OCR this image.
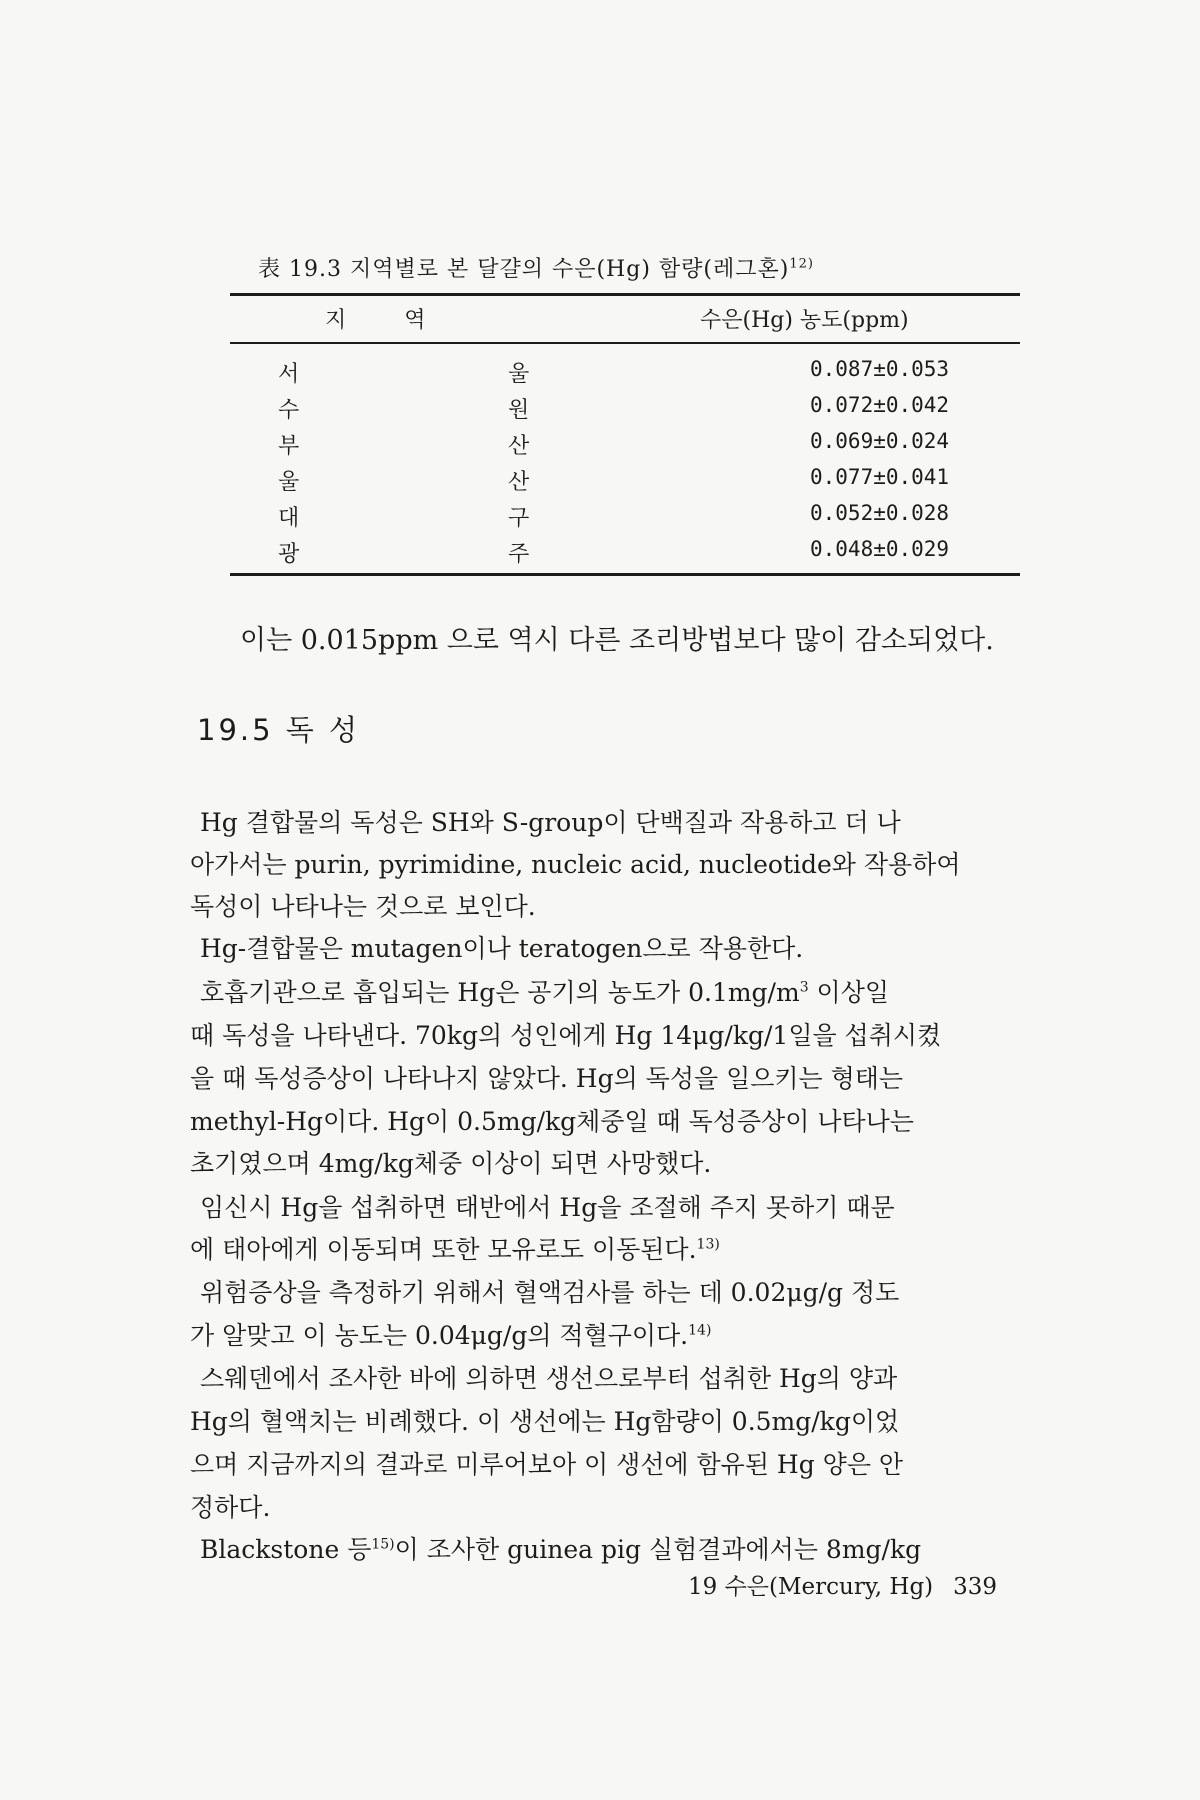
表 19.3 지역별로 본 달걀의 수은(Hg) 함량(레그혼)$^{12)}$
지역	수은(Hg) 농도(ppm)
서	울	0.087±0.053
수	원	0.072±0.042
부	산	0.069±0.024
울	산	0.077±0.041
대	구	0.052±0.028
광	주	0.048±0.029
이는 0.015ppm 으로 역시 다른 조리방법보다 많이 감소되었다.
19.5 독 성
Hg 결합물의 독성은 SH와 S-group이 단백질과 작용하고 더 나
아가서는 purin, pyrimidine, nucleic acid, nucleotide와 작용하여
독성이 나타나는 것으로 보인다.
Hg-결합물은 mutagen이나 teratogen으로 작용한다.
호흡기관으로 흡입되는 Hg은 공기의 농도가 $0.1mg/m^3$ 이상일
때 독성을 나타낸다. 70kg의 성인에게 Hg 14μg/kg/1일을 섭취시켰
을 때 독성증상이 나타나지 않았다. Hg의 독성을 일으키는 형태는
methyl-Hg이다. Hg이 0.5mg/kg체중일 때 독성증상이 나타나는
초기였으며 4mg/kg체중 이상이 되면 사망했다.
임신시 Hg을 섭취하면 태반에서 Hg을 조절해 주지 못하기 때문
에 태아에게 이동되며 또한 모유로도 이동된다.$^{13)}$
위험증상을 측정하기 위해서 혈액검사를 하는 데 0.02μg/g 정도
가 알맞고 이 농도는 0.04μg/g의 적혈구이다.$^{14)}$
스웨덴에서 조사한 바에 의하면 생선으로부터 섭취한 Hg의 양과
Hg의 혈액치는 비례했다. 이 생선에는 Hg함량이 0.5mg/kg이었
으며 지금까지의 결과로 미루어보아 이 생선에 함유된 Hg 양은 안
정하다.
Blackstone 등$^{15)}$이 조사한 guinea pig 실험결과에서는 8mg/kg
19 수은(Mercury, Hg) 339
